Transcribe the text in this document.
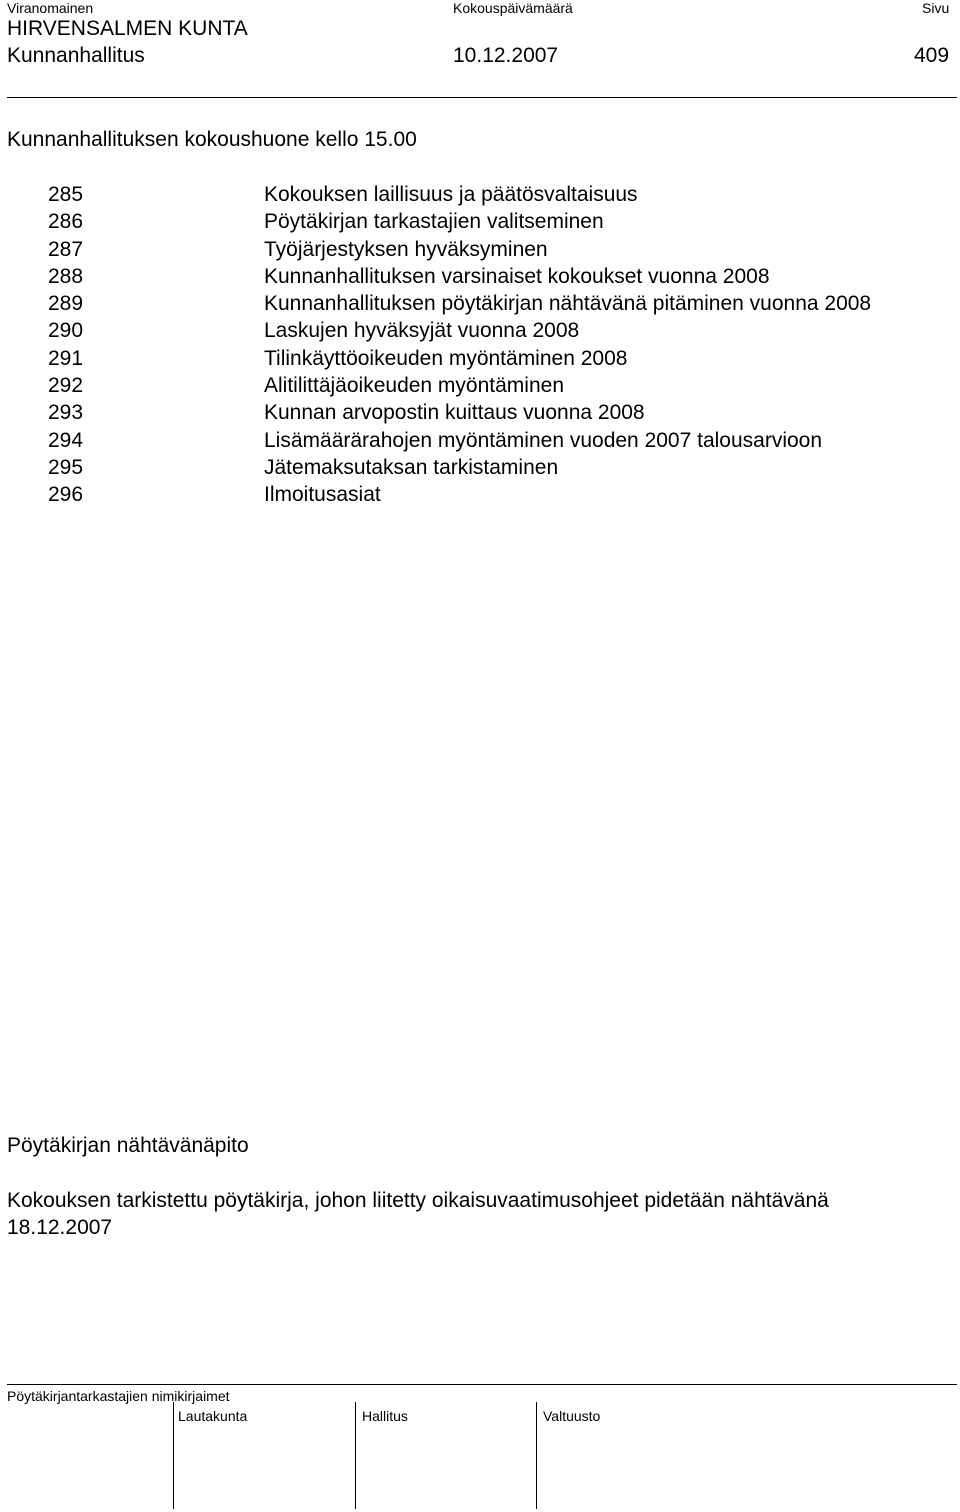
Viranomainen	Kokouspäivämäärä	Sivu
HIRVENSALMEN KUNTA
Kunnanhallitus	10.12.2007	409
Kunnanhallituksen kokoushuone kello 15.00
285	Kokouksen laillisuus ja päätösvaltaisuus
286	Pöytäkirjan tarkastajien valitseminen
287	Työjärjestyksen hyväksyminen
288	Kunnanhallituksen varsinaiset kokoukset vuonna 2008
289	Kunnanhallituksen pöytäkirjan nähtävänä pitäminen vuonna 2008
290	Laskujen hyväksyjät vuonna 2008
291	Tilinkäyttöoikeuden myöntäminen 2008
292	Alitilittäjäoikeuden myöntäminen
293	Kunnan arvopostin kuittaus vuonna 2008
294	Lisämäärärahojen myöntäminen vuoden 2007 talousarvioon
295	Jätemaksutaksan tarkistaminen
296	Ilmoitusasiat
Pöytäkirjan nähtävänäpito
Kokouksen tarkistettu pöytäkirja, johon liitetty oikaisuvaatimusohjeet pidetään nähtävänä
18.12.2007
Pöytäkirjantarkastajien nimikirjaimet
Lautakunta	Hallitus	Valtuusto
